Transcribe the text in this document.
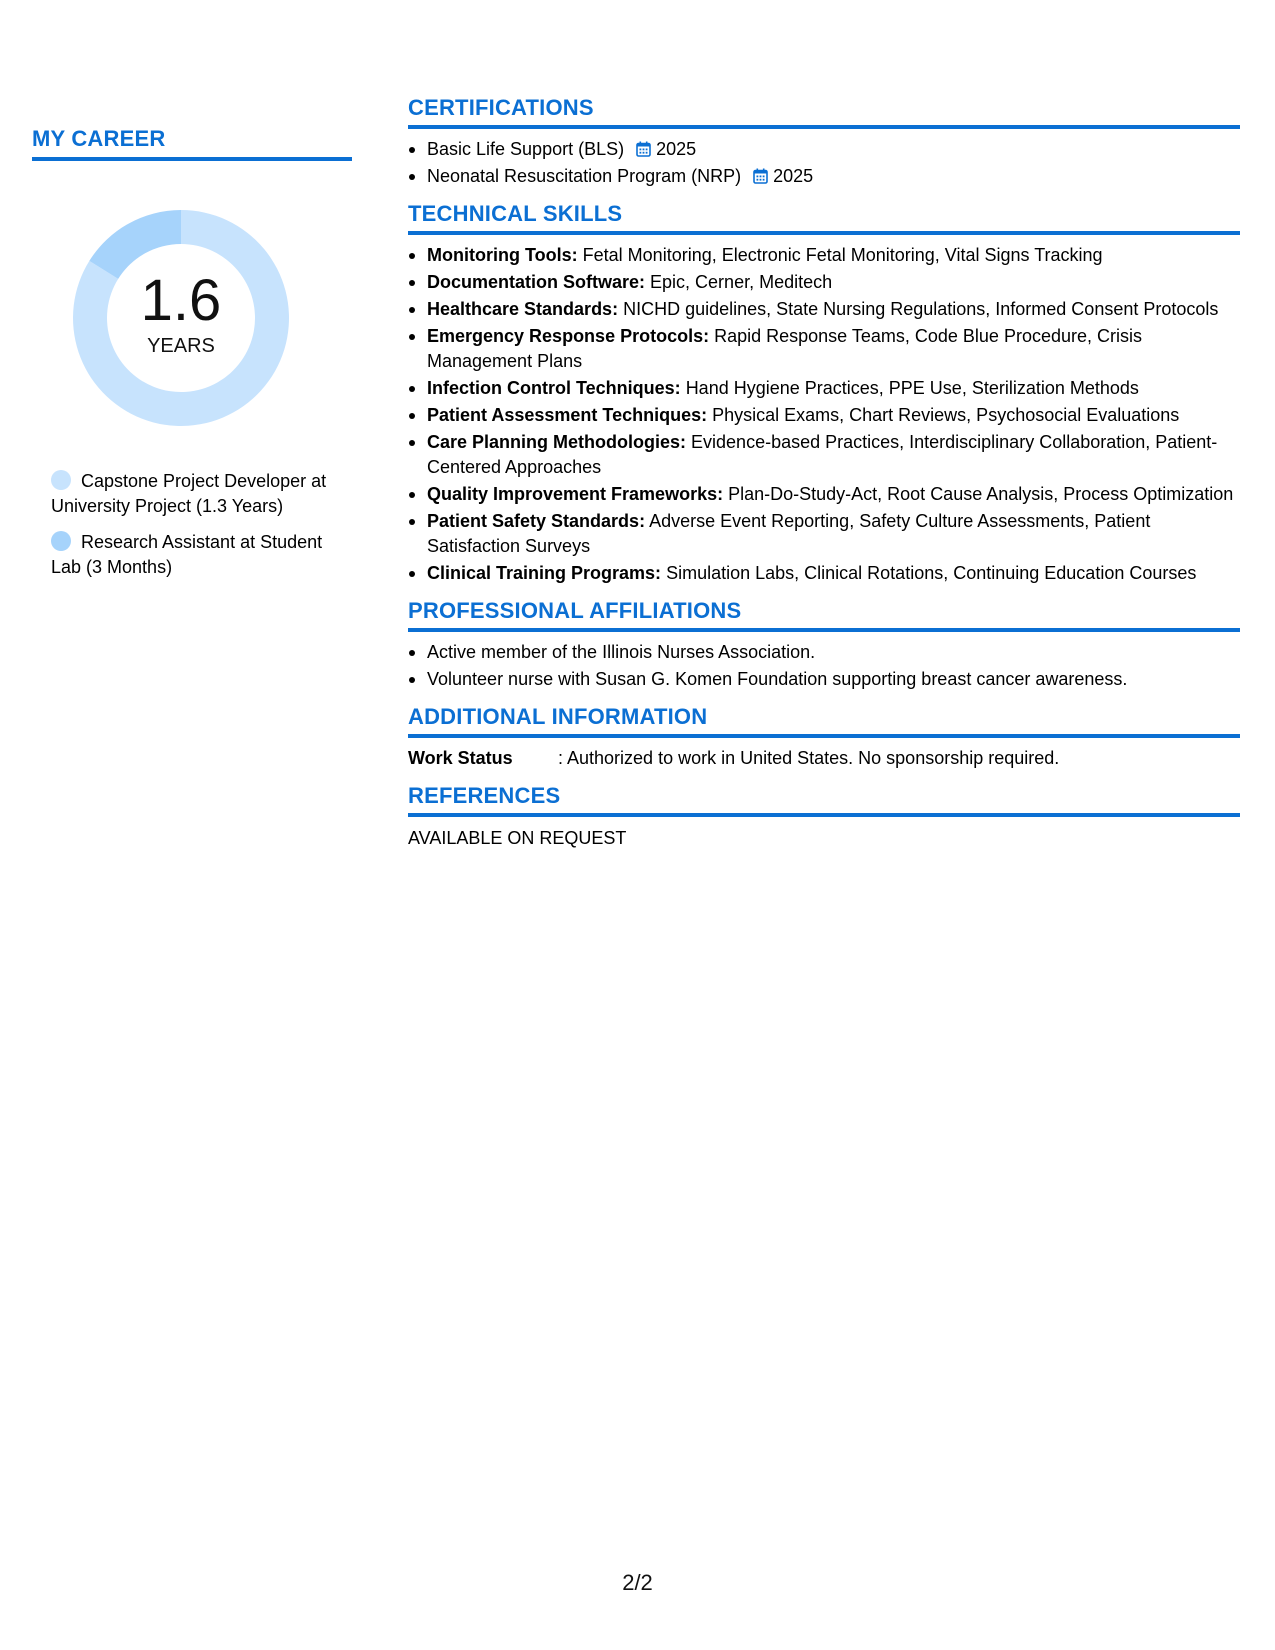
MY CAREER
1.6
YEARS
Capstone Project Developer at University Project (1.3 Years)
Research Assistant at Student Lab (3 Months)
CERTIFICATIONS
Basic Life Support (BLS) 2025
Neonatal Resuscitation Program (NRP) 2025
TECHNICAL SKILLS
Monitoring Tools: Fetal Monitoring, Electronic Fetal Monitoring, Vital Signs Tracking
Documentation Software: Epic, Cerner, Meditech
Healthcare Standards: NICHD guidelines, State Nursing Regulations, Informed Consent Protocols
Emergency Response Protocols: Rapid Response Teams, Code Blue Procedure, Crisis Management Plans
Infection Control Techniques: Hand Hygiene Practices, PPE Use, Sterilization Methods
Patient Assessment Techniques: Physical Exams, Chart Reviews, Psychosocial Evaluations
Care Planning Methodologies: Evidence-based Practices, Interdisciplinary Collaboration, Patient-Centered Approaches
Quality Improvement Frameworks: Plan-Do-Study-Act, Root Cause Analysis, Process Optimization
Patient Safety Standards: Adverse Event Reporting, Safety Culture Assessments, Patient Satisfaction Surveys
Clinical Training Programs: Simulation Labs, Clinical Rotations, Continuing Education Courses
PROFESSIONAL AFFILIATIONS
Active member of the Illinois Nurses Association.
Volunteer nurse with Susan G. Komen Foundation supporting breast cancer awareness.
ADDITIONAL INFORMATION
Work Status	: Authorized to work in United States. No sponsorship required.
REFERENCES
AVAILABLE ON REQUEST
2/2
